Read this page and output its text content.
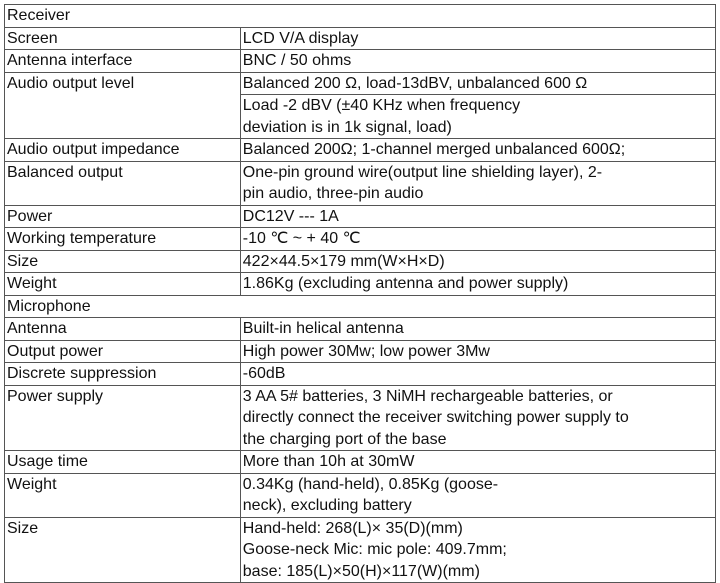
Receiver	
Screen	LCD V/A display
Antenna interface	BNC / 50 ohms
Audio output level	Balanced 200 Ω, load-13dBV, unbalanced 600 Ω
	Load -2 dBV (±40 KHz when frequency
deviation is in 1k signal, load)
Audio output impedance	Balanced 200Ω; 1-channel merged unbalanced 600Ω;
Balanced output	One-pin ground wire(output line shielding layer), 2-
pin audio, three-pin audio
Power	DC12V --- 1A
Working temperature	-10 ℃ ~ + 40 ℃
Size	422×44.5×179 mm(W×H×D)
Weight	1.86Kg (excluding antenna and power supply)
Microphone	
Antenna	Built-in helical antenna
Output power	High power 30Mw; low power 3Mw
Discrete suppression	-60dB
Power supply	3 AA 5# batteries, 3 NiMH rechargeable batteries, or
directly connect the receiver switching power supply to
the charging port of the base
Usage time	More than 10h at 30mW
Weight	0.34Kg (hand-held), 0.85Kg (goose-
neck), excluding battery
Size	Hand-held: 268(L)× 35(D)(mm)
Goose-neck Mic: mic pole: 409.7mm;
base: 185(L)×50(H)×117(W)(mm)
